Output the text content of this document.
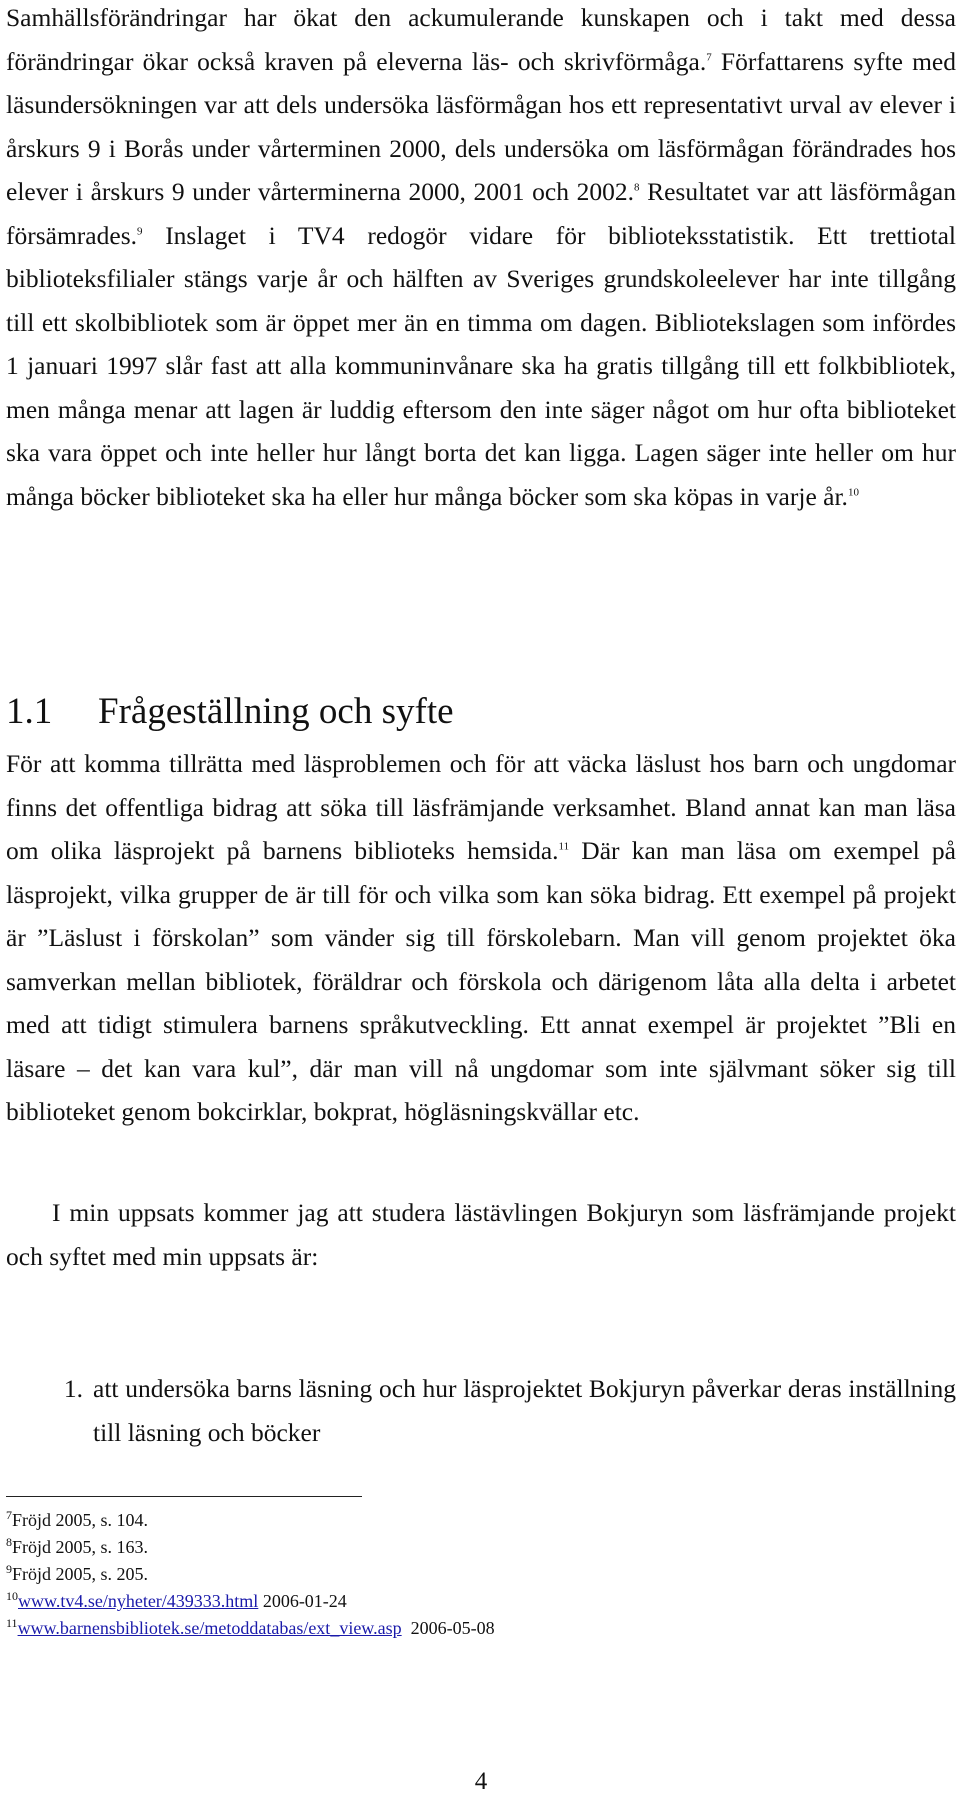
Samhällsförändringar har ökat den ackumulerande kunskapen och i takt med dessa förändringar ökar också kraven på eleverna läs- och skrivförmåga.$^7$ Författarens syfte med läsundersökningen var att dels undersöka läsförmågan hos ett representativt urval av elever i årskurs 9 i Borås under vårterminen 2000, dels undersöka om läsförmågan förändrades hos elever i årskurs 9 under vårterminerna 2000, 2001 och 2002.$^8$ Resultatet var att läsförmågan försämrades.$^9$ Inslaget i TV4 redogör vidare för biblioteksstatistik. Ett trettiotal biblioteksfilialer stängs varje år och hälften av Sveriges grundskoleelever har inte tillgång till ett skolbibliotek som är öppet mer än en timma om dagen. Bibliotekslagen som infördes 1 januari 1997 slår fast att alla kommuninvånare ska ha gratis tillgång till ett folkbibliotek, men många menar att lagen är luddig eftersom den inte säger något om hur ofta biblioteket ska vara öppet och inte heller hur långt borta det kan ligga. Lagen säger inte heller om hur många böcker biblioteket ska ha eller hur många böcker som ska köpas in varje år.$^{10}$

1.1 Frågeställning och syfte

För att komma tillrätta med läsproblemen och för att väcka läslust hos barn och ungdomar finns det offentliga bidrag att söka till läsfrämjande verksamhet. Bland annat kan man läsa om olika läsprojekt på barnens biblioteks hemsida.$^{11}$ Där kan man läsa om exempel på läsprojekt, vilka grupper de är till för och vilka som kan söka bidrag. Ett exempel på projekt är ”Läslust i förskolan” som vänder sig till förskolebarn. Man vill genom projektet öka samverkan mellan bibliotek, föräldrar och förskola och därigenom låta alla delta i arbetet med att tidigt stimulera barnens språkutveckling. Ett annat exempel är projektet ”Bli en läsare – det kan vara kul”, där man vill nå ungdomar som inte självmant söker sig till biblioteket genom bokcirklar, bokprat, högläsningskvällar etc.

I min uppsats kommer jag att studera lästävlingen Bokjuryn som läsfrämjande projekt och syftet med min uppsats är:

1. att undersöka barns läsning och hur läsprojektet Bokjuryn påverkar deras inställning till läsning och böcker
$^7$Fröjd 2005, s. 104.
$^8$Fröjd 2005, s. 163.
$^9$Fröjd 2005, s. 205.
$^{10}$www.tv4.se/nyheter/439333.html 2006-01-24
$^{11}$www.barnensbibliotek.se/metoddatabas/ext_view.asp  2006-05-08
4
